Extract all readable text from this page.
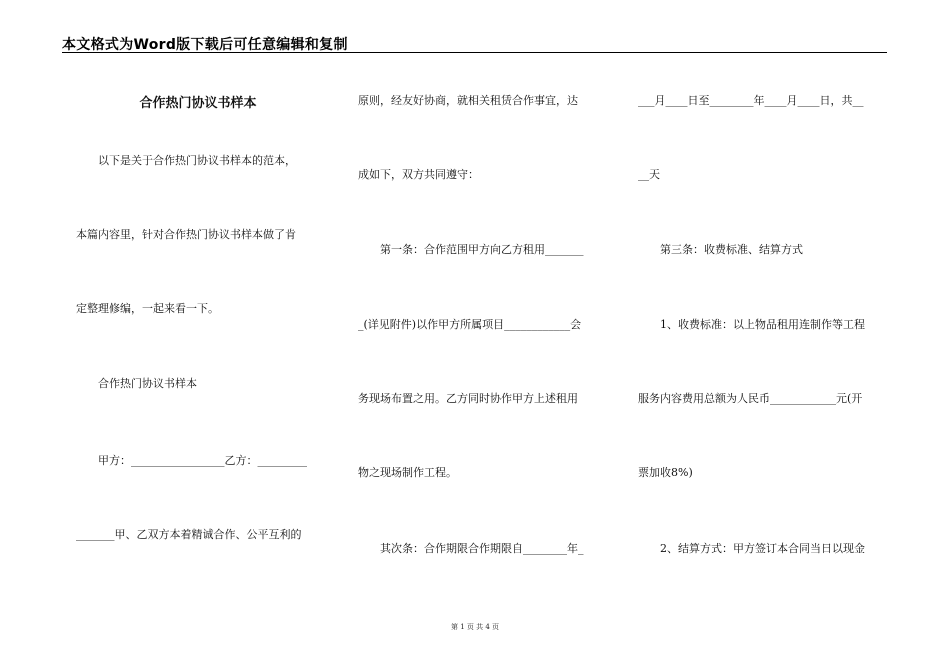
本文格式为Word版下载后可任意编辑和复制
合作热门协议书样本
　　以下是关于合作热门协议书样本的范本，
本篇内容里，针对合作热门协议书样本做了肯
定整理修编，一起来看一下。
　　合作热门协议书样本
　　甲方：_________________乙方：_________
_______甲、乙双方本着精诚合作、公平互利的
原则，经友好协商，就相关租赁合作事宜，达
成如下，双方共同遵守：
　　第一条：合作范围甲方向乙方租用_______
_(详见附件)以作甲方所属项目____________会
务现场布置之用。乙方同时协作甲方上述租用
物之现场制作工程。
　　其次条：合作期限合作期限自________年_
___月____日至________年____月____日，共__
__天
　　第三条：收费标准、结算方式
　　1、收费标准：以上物品租用连制作等工程
服务内容费用总额为人民币____________元(开
票加收8%)
　　2、结算方式：甲方签订本合同当日以现金
第 1 页 共 4 页
